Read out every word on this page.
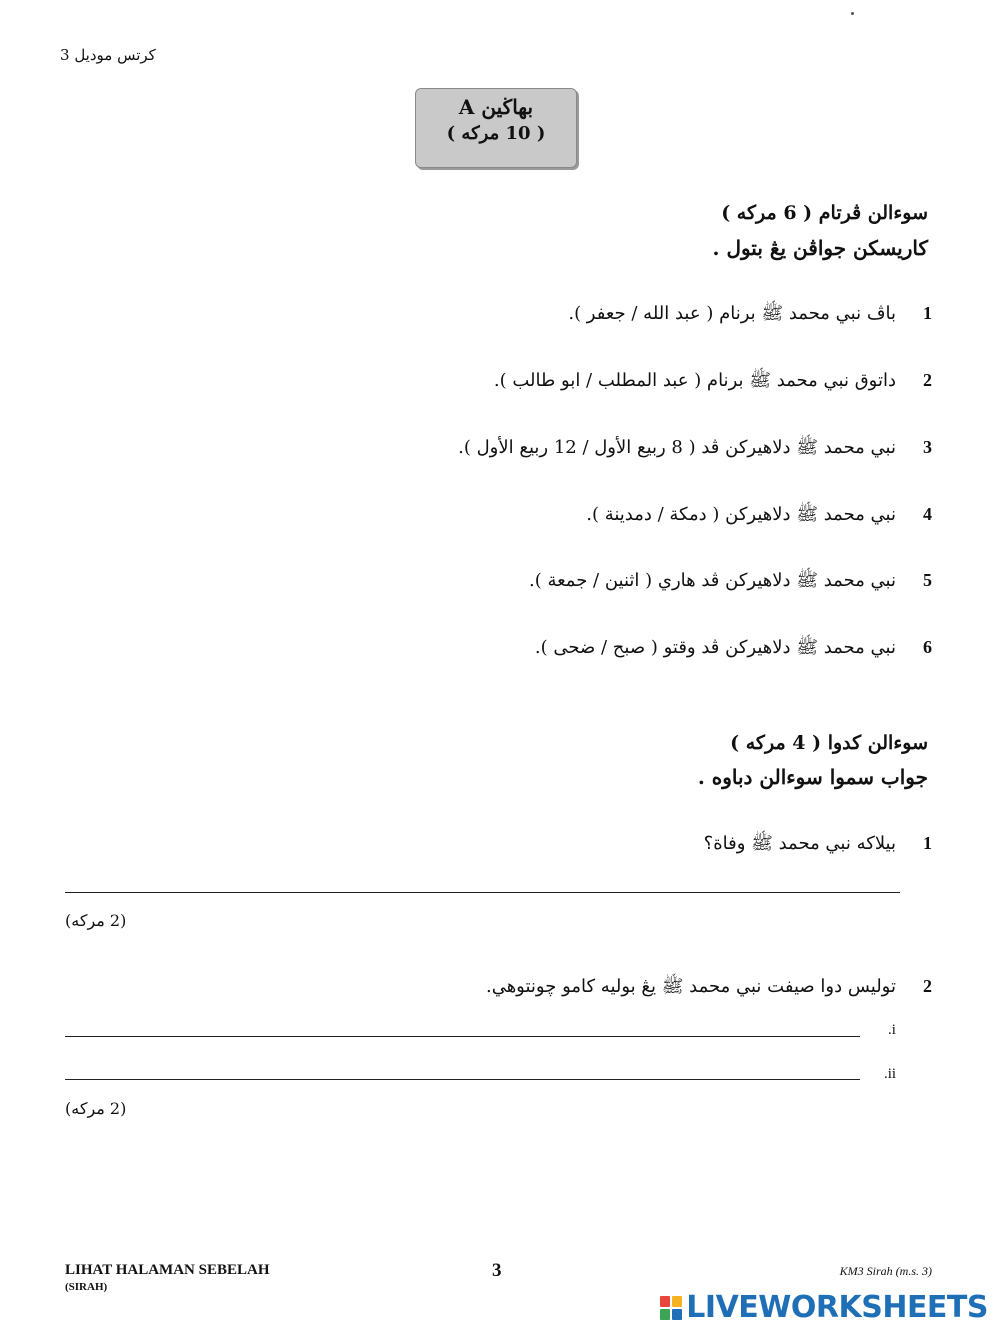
كرتس موديل 3
بهاڬين A
( 10 مركه )
سوءالن ڤرتام ( 6 مركه )
كاريسكن جواڤن يڠ بتول .
باڤ نبي محمد ﷺ برنام ( عبد الله / جعفر ).	1
داتوق نبي محمد ﷺ برنام ( عبد المطلب / ابو طالب ).	2
نبي محمد ﷺ دلاهيركن ڤد ( 8 ربيع الأول / 12 ربيع الأول ).	3
نبي محمد ﷺ دلاهيركن ( دمكة / دمدينة ).	4
نبي محمد ﷺ دلاهيركن ڤد هاري ( اثنين / جمعة ).	5
نبي محمد ﷺ دلاهيركن ڤد وقتو ( صبح / ضحى ).	6
سوءالن كدوا ( 4 مركه )
جواب سموا سوءالن دباوه .
بيلاكه نبي محمد ﷺ وفاة؟	1
(2 مركه)
توليس دوا صيفت نبي محمد ﷺ يڠ بوليه كامو چونتوهي.	2
.i
.ii
(2 مركه)
LIHAT HALAMAN SEBELAH
(SIRAH)
3	KM3 Sirah (m.s. 3)
LIVEWORKSHEETS
